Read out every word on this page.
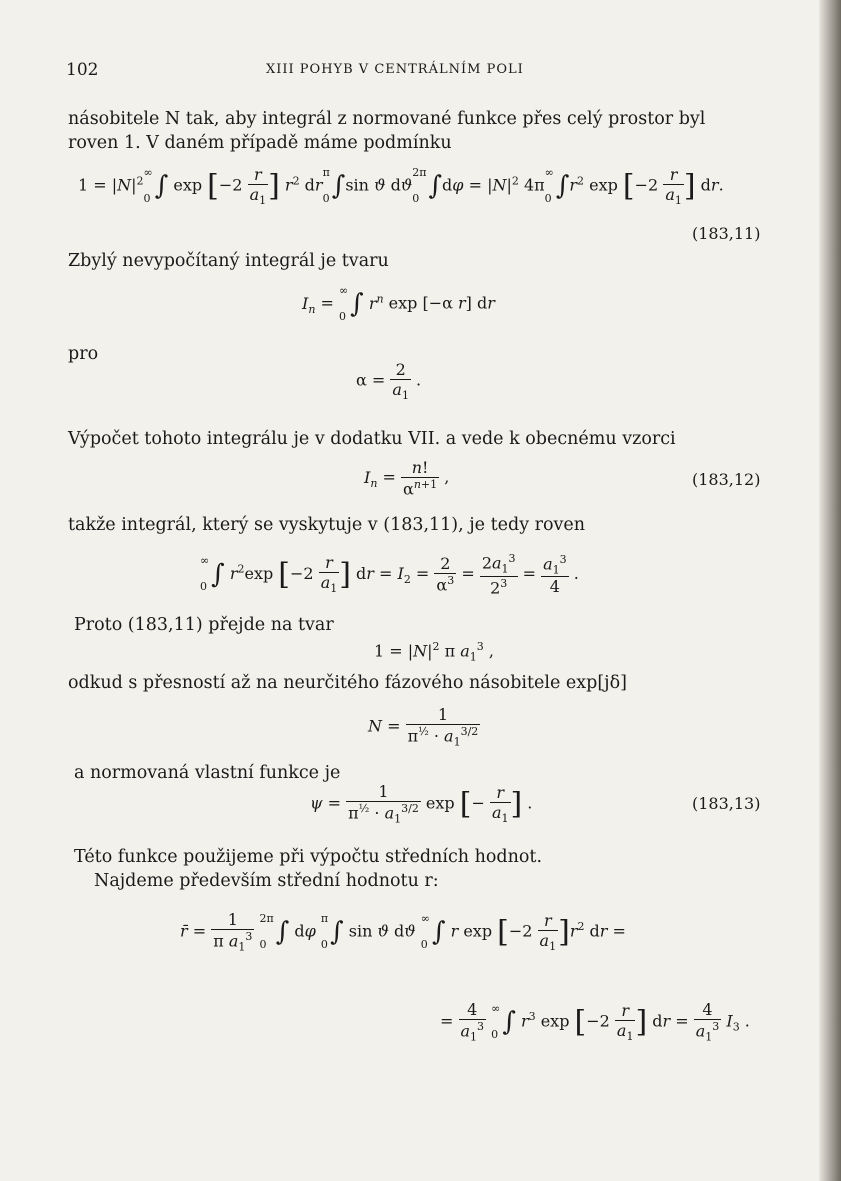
102	XIII POHYB V CENTRÁLNÍM POLI
násobitele N tak, aby integrál z normované funkce přes celý prostor byl
roven 1. V daném případě máme podmínku
$1 = |N|^2$
∞
0 ∫ $\exp [-2 \frac{r}{a_1}$ ] $r^2$ dr
π
0 ∫sin ϑ dϑ
2π
0 $\int d\varphi = |N|^2$ 4π
∞
0 $\int r^2$ $\exp [-2 \frac{r}{a_1}$ ] dr.
(183,11)
Zbylý nevypočítaný integrál je tvaru
$I_n$ =
∞
0 ∫ $r^n$ exp [−α r] dr
pro
$\alpha = \frac{2}{a_1}$ .
Výpočet tohoto integrálu je v dodatku VII. a vede k obecnému vzorci
$I_n = \frac{n!}{\alpha^{n+1}}$ ,	(183,12)
takže integrál, který se vyskytuje v (183,11), je tedy roven
∞
0 ∫ $r^2\exp$ [$-2 \frac{r}{a_1}$ ] dr = $I_2 = \frac{2}{\alpha^3} = \frac{2a_1^3}{2^3} = \frac{a_1^3}{4}$ .
Proto (183,11) přejde na tvar
$1 = |N|^2$ π $a_1^3$ ,
odkud s přesností až na neurčitého fázového násobitele exp[jδ]
$N = \frac{1}{\pi^{\frac{1}{2}} \cdot a_1^{3/2}}$
a normovaná vlastní funkce je
$\psi = \frac{1}{\pi^{\frac{1}{2}} \cdot a_1^{3/2}}$ exp [− $\frac{r}{a_1}$ ] .	(183,13)
Této funkce použijeme při výpočtu středních hodnot.
Najdeme především střední hodnotu r:
r̄ = $\frac{1}{\pi a_1^3}$
2π
0 ∫ dφ
π
0 ∫ sin ϑ dϑ
∞
0 ∫ r $\exp [-2 \frac{r}{a_1} ]r^2$ dr =
= $\frac{4}{a_1^3}$
∞
0 ∫ $r^3$ $\exp [-2 \frac{r}{a_1}$ ] dr = $\frac{4}{a_1^3} I_3$ .
